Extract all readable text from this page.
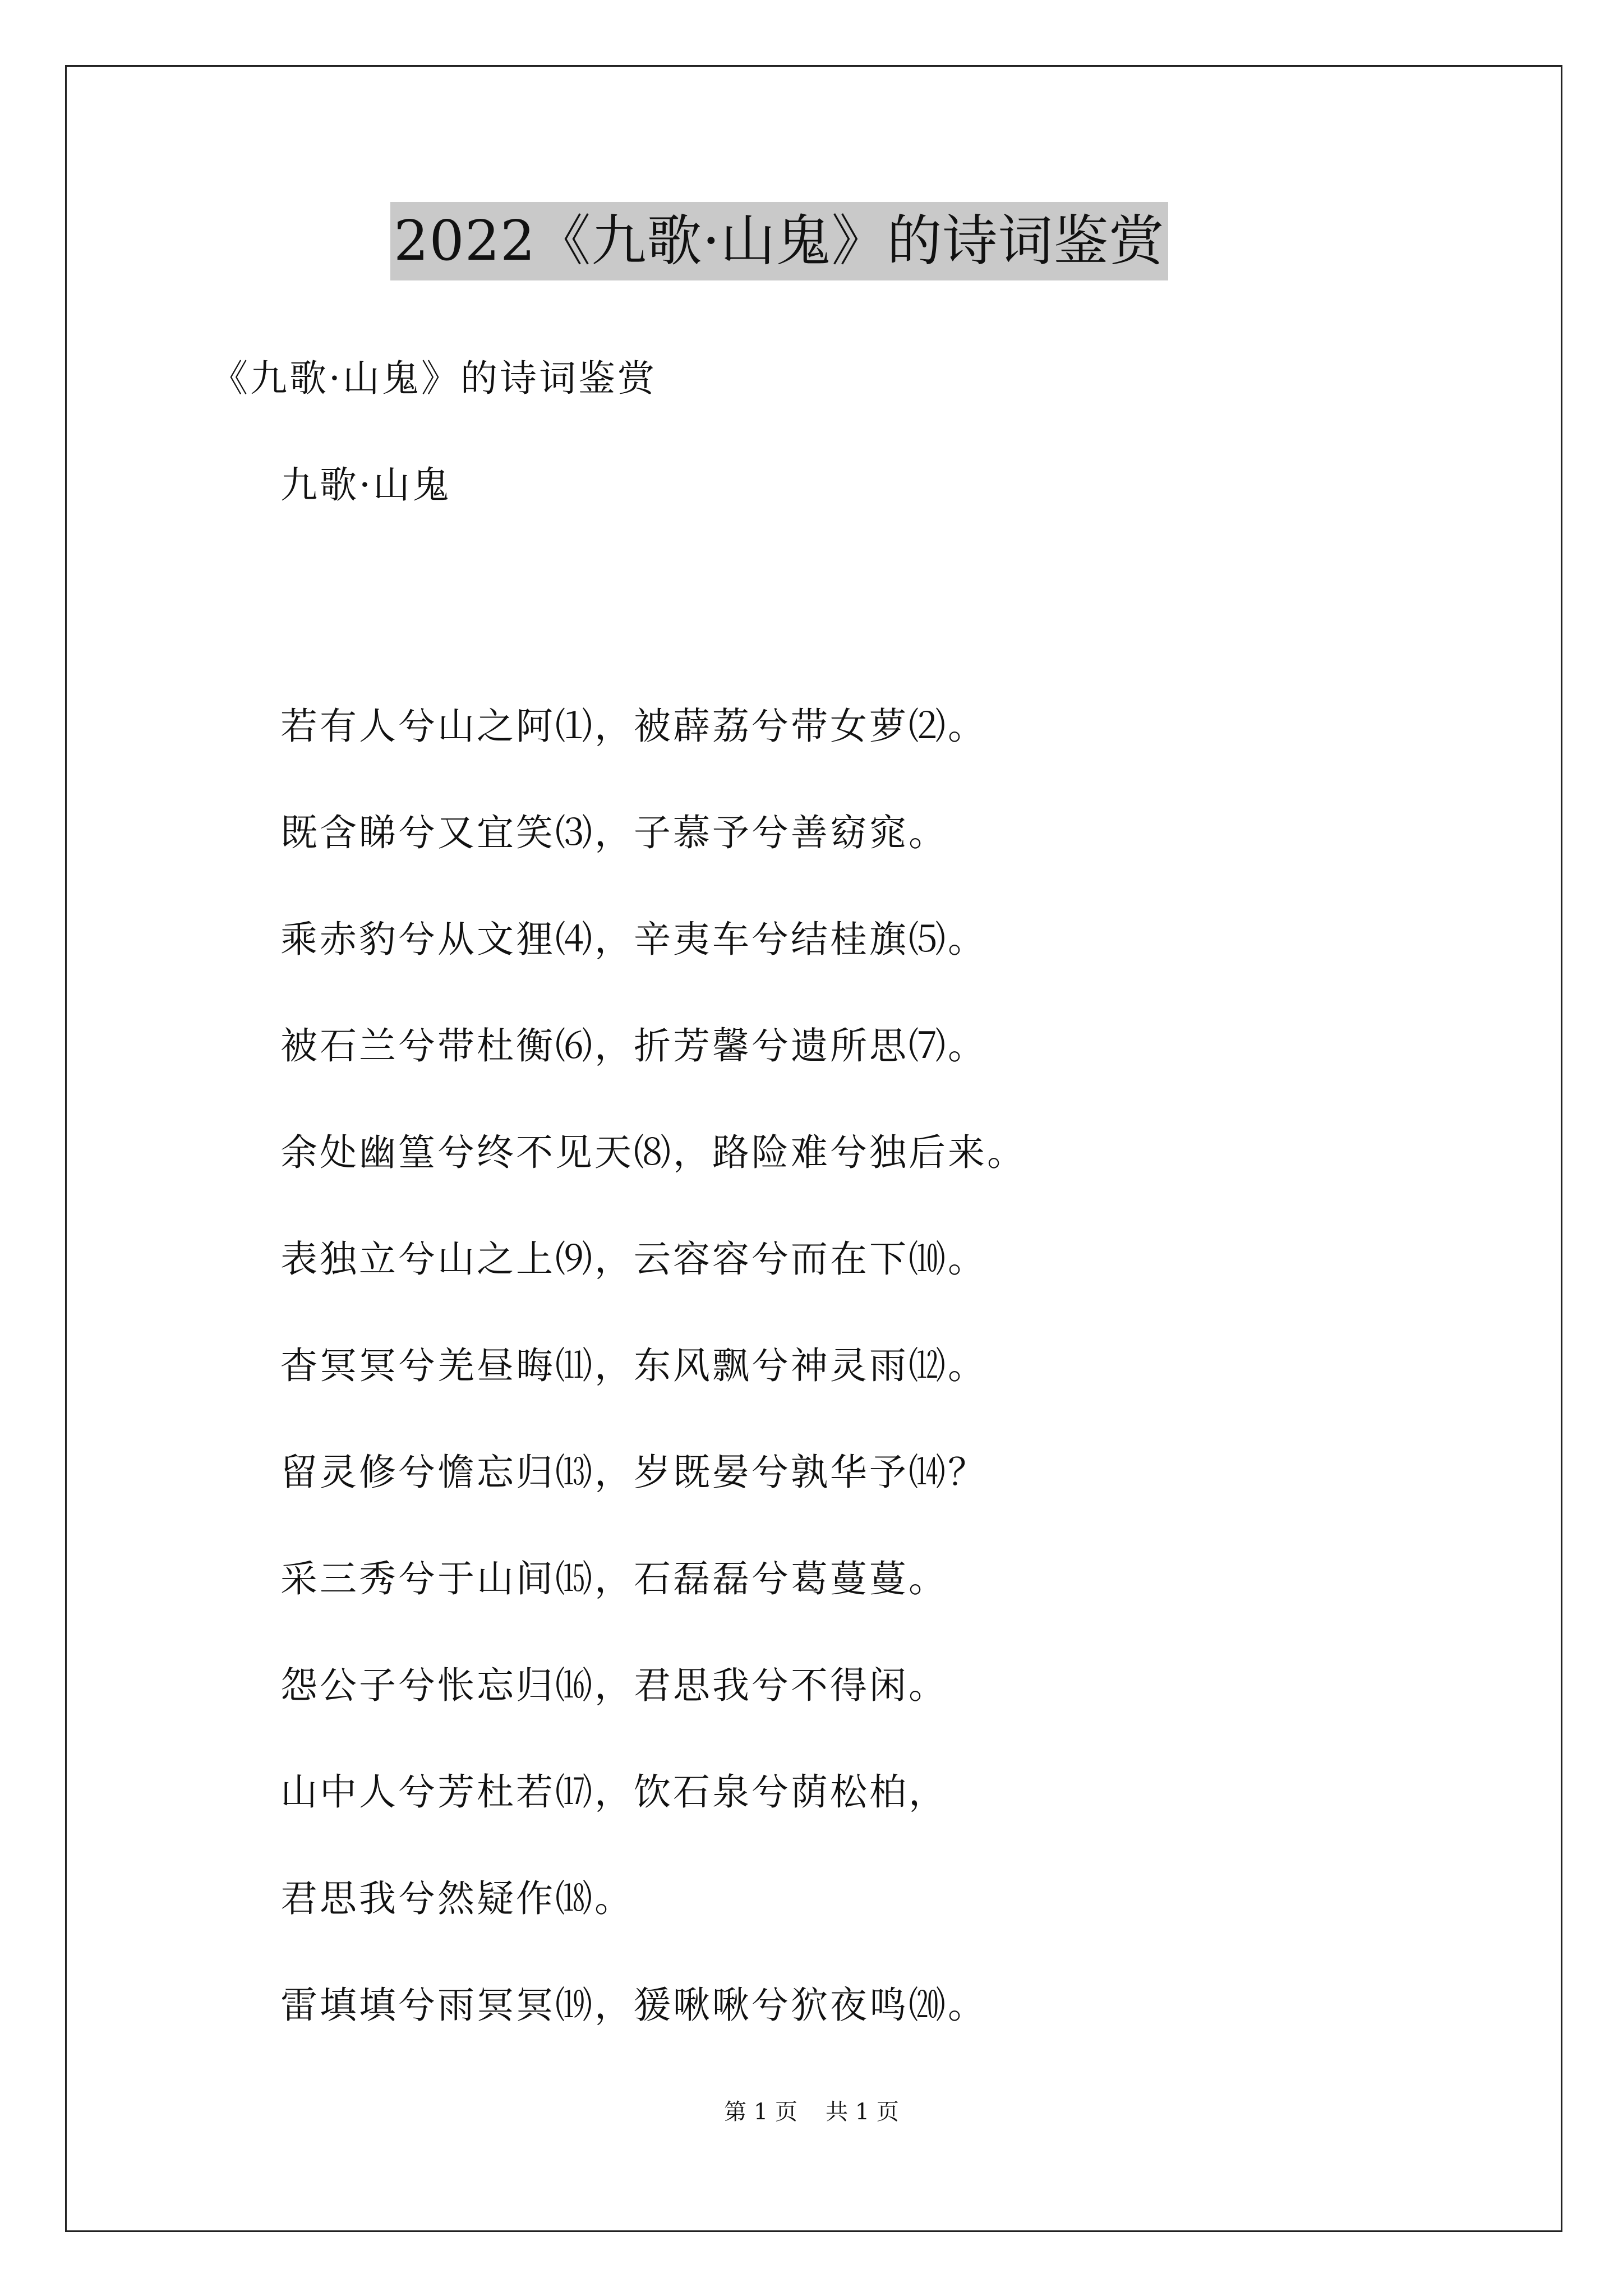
2022《九歌·山鬼》的诗词鉴赏
《九歌·山鬼》的诗词鉴赏
九歌·山鬼
若有人兮山之阿⑴，被薜荔兮带女萝⑵。
既含睇兮又宜笑⑶，子慕予兮善窈窕。
乘赤豹兮从文狸⑷，辛夷车兮结桂旗⑸。
被石兰兮带杜衡⑹，折芳馨兮遗所思⑺。
余处幽篁兮终不见天⑻，路险难兮独后来。
表独立兮山之上⑼，云容容兮而在下⑽。
杳冥冥兮羌昼晦⑾，东风飘兮神灵雨⑿。
留灵修兮憺忘归⒀，岁既晏兮孰华予⒁？
采三秀兮于山间⒂，石磊磊兮葛蔓蔓。
怨公子兮怅忘归⒃，君思我兮不得闲。
山中人兮芳杜若⒄，饮石泉兮荫松柏，
君思我兮然疑作⒅。
雷填填兮雨冥冥⒆，猨啾啾兮狖夜鸣⒇。
第 1 页 共 1 页
